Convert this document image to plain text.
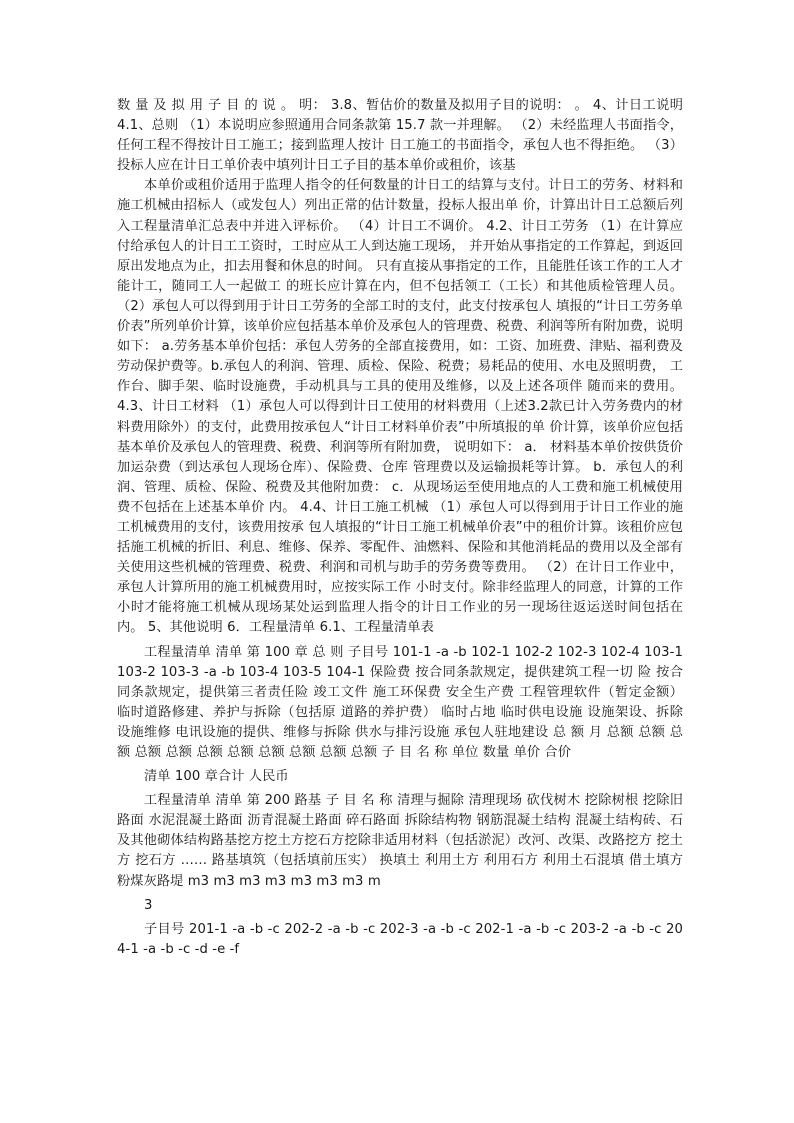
数 量 及 拟 用 子 目 的 说 。 明： 3.8、暂估价的数量及拟用子目的说明： 。 4、计日工说明 4.1、总则 （1）本说明应参照通用合同条款第 15.7 款一并理解。 （2）未经监理人书面指令，任何工程不得按计日工施工；接到监理人按计 日工施工的书面指令，承包人也不得拒绝。 （3）投标人应在计日工单价表中填列计日工子目的基本单价或租价，该基

本单价或租价适用于监理人指令的任何数量的计日工的结算与支付。计日工的劳务、材料和施工机械由招标人（或发包人）列出正常的估计数量，投标人报出单 价，计算出计日工总额后列入工程量清单汇总表中并进入评标价。 （4）计日工不调价。 4.2、计日工劳务 （1）在计算应付给承包人的计日工工资时，工时应从工人到达施工现场， 并开始从事指定的工作算起，到返回原出发地点为止，扣去用餐和休息的时间。 只有直接从事指定的工作，且能胜任该工作的工人才能计工，随同工人一起做工 的班长应计算在内，但不包括领工（工长）和其他质检管理人员。 （2）承包人可以得到用于计日工劳务的全部工时的支付，此支付按承包人 填报的“计日工劳务单价表”所列单价计算，该单价应包括基本单价及承包人的管理费、税费、利润等所有附加费，说明如下： a.劳务基本单价包括：承包人劳务的全部直接费用，如：工资、加班费、津贴、福利费及劳动保护费等。b.承包人的利润、管理、质检、保险、税费；易耗品的使用、水电及照明费， 工作台、脚手架、临时设施费，手动机具与工具的使用及维修，以及上述各项伴 随而来的费用。 4.3、计日工材料 （1）承包人可以得到计日工使用的材料费用（上述3.2款已计入劳务费内的材料费用除外）的支付，此费用按承包人“计日工材料单价表”中所填报的单 价计算，该单价应包括基本单价及承包人的管理费、税费、利润等所有附加费， 说明如下： a． 材料基本单价按供货价加运杂费（到达承包人现场仓库）、保险费、仓库 管理费以及运输损耗等计算。 b．承包人的利润、管理、质检、保险、税费及其他附加费： c．从现场运至使用地点的人工费和施工机械使用费不包括在上述基本单价 内。 4.4、计日工施工机械 （1）承包人可以得到用于计日工作业的施工机械费用的支付，该费用按承 包人填报的“计日工施工机械单价表”中的租价计算。该租价应包括施工机械的折旧、利息、维修、保养、零配件、油燃料、保险和其他消耗品的费用以及全部有关使用这些机械的管理费、税费、利润和司机与助手的劳务费等费用。 （2）在计日工作业中，承包人计算所用的施工机械费用时，应按实际工作 小时支付。除非经监理人的同意，计算的工作小时才能将施工机械从现场某处运到监理人指令的计日工作业的另一现场往返运送时间包括在内。 5、其他说明 6．工程量清单 6.1、工程量清单表

工程量清单 清单 第 100 章 总 则 子目号 101-1 -a -b 102-1 102-2 102-3 102-4 103-1 103-2 103-3 -a -b 103-4 103-5 104-1 保险费 按合同条款规定，提供建筑工程一切 险 按合同条款规定，提供第三者责任险 竣工文件 施工环保费 安全生产费 工程管理软件（暂定金额） 临时道路修建、养护与拆除（包括原 道路的养护费） 临时占地 临时供电设施 设施架设、拆除 设施维修 电讯设施的提供、维修与拆除 供水与排污设施 承包人驻地建设 总 额 月 总额 总额 总额 总额 总额 总额 总额 总额 总额 总额 总额 子 目 名 称 单位 数量 单价 合价

清单 100 章合计 人民币

工程量清单 清单 第 200 路基 子 目 名 称 清理与掘除 清理现场 砍伐树木 挖除树根 挖除旧路面 水泥混凝土路面 沥青混凝土路面 碎石路面 拆除结构物 钢筋混凝土结构 混凝土结构砖、石及其他砌体结构路基挖方挖土方挖石方挖除非适用材料（包括淤泥）改河、改渠、改路挖方 挖土方 挖石方 …… 路基填筑（包括填前压实） 换填土 利用土方 利用石方 利用土石混填 借土填方 粉煤灰路堤 m3 m3 m3 m3 m3 m3 m3 m

3

子目号 201-1 -a -b -c 202-2 -a -b -c 202-3 -a -b -c 202-1 -a -b -c 203-2 -a -b -c 204-1 -a -b -c -d -e -f
